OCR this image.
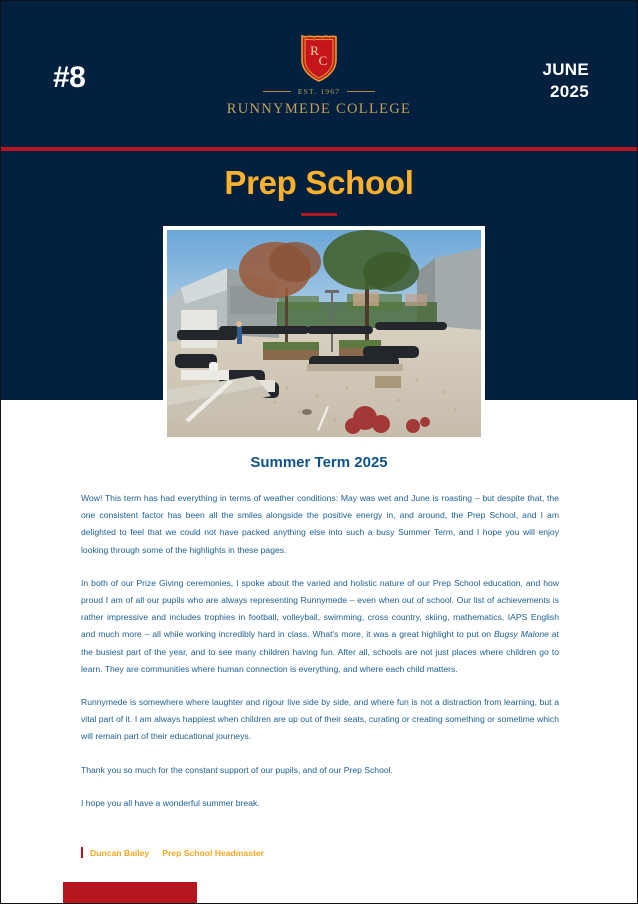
#8	JUNE
2025
R
C
EST. 1967
RUNNYMEDE COLLEGE
Prep School
Summer Term 2025

Wow! This term has had everything in terms of weather conditions: May was wet and June is roasting – but despite that, the one consistent factor has been all the smiles alongside the positive energy in, and around, the Prep School, and I am delighted to feel that we could not have packed anything else into such a busy Summer Term, and I hope you will enjoy looking through some of the highlights in these pages.

In both of our Prize Giving ceremonies, I spoke about the varied and holistic nature of our Prep School education, and how proud I am of all our pupils who are always representing Runnymede – even when out of school. Our list of achievements is rather impressive and includes trophies in football, volleyball, swimming, cross country, skiing, mathematics, IAPS English and much more – all while working incredibly hard in class. What's more, it was a great highlight to put on Bugsy Malone at the busiest part of the year, and to see many children having fun. After all, schools are not just places where children go to learn. They are communities where human connection is everything, and where each child matters.

Runnymede is somewhere where laughter and rigour live side by side, and where fun is not a distraction from learning, but a vital part of it. I am always happiest when children are up out of their seats, curating or creating something or sometime which will remain part of their educational journeys.

Thank you so much for the constant support of our pupils, and of our Prep School.

I hope you all have a wonderful summer break.

Duncan Bailey Prep School Headmaster
